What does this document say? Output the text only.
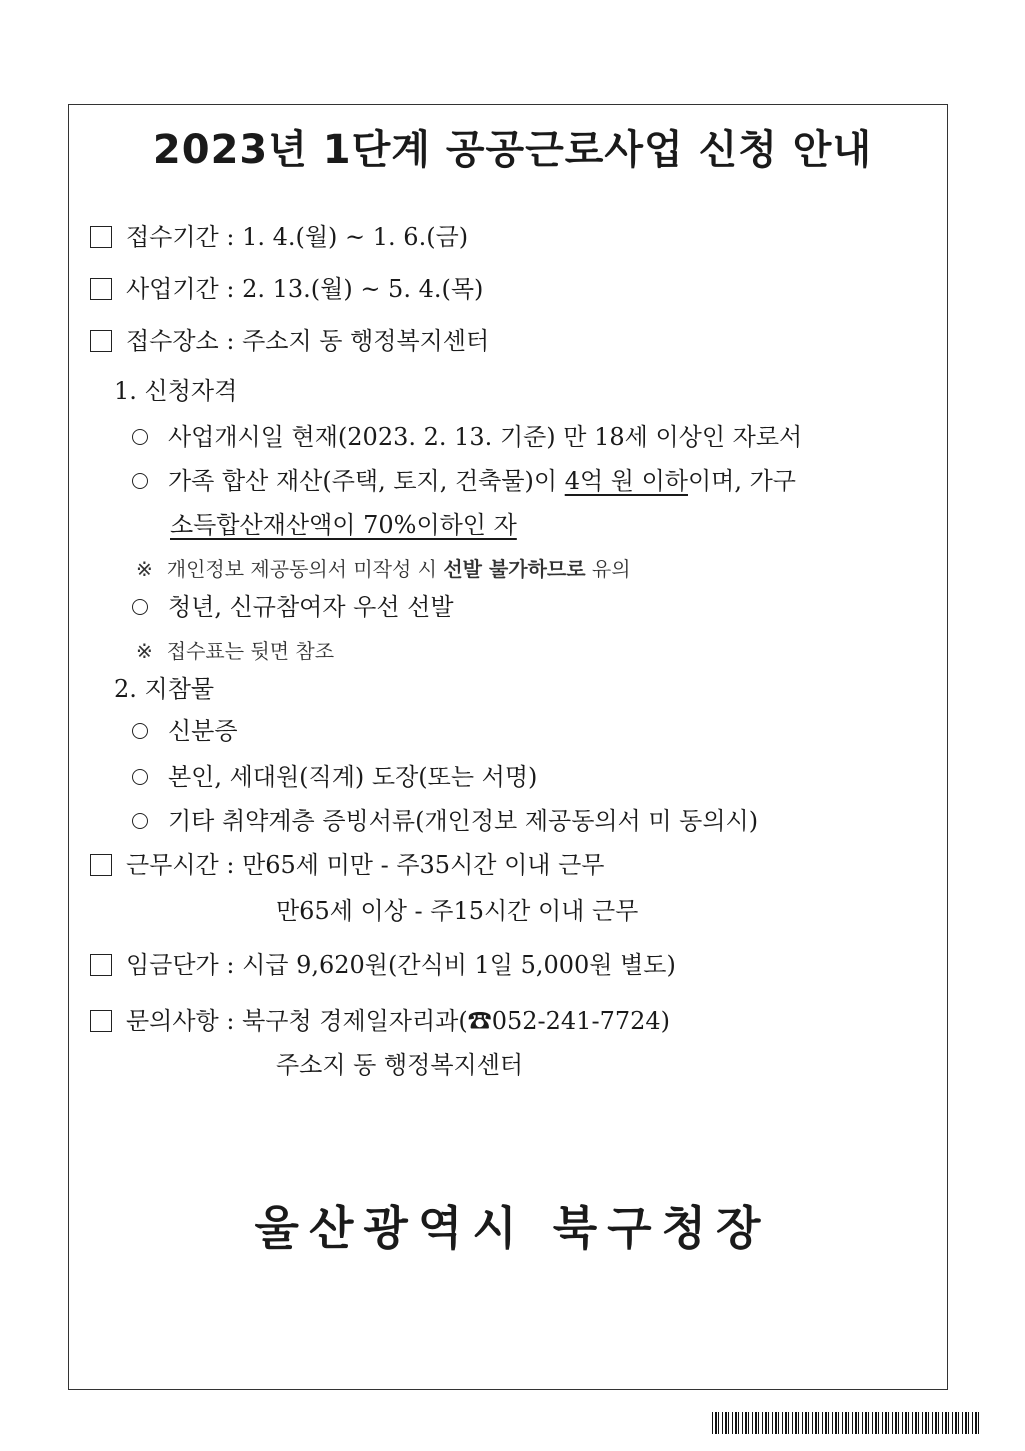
2023년 1단계 공공근로사업 신청 안내
접수기간 : 1. 4.(월) ~ 1. 6.(금)
사업기간 : 2. 13.(월) ~ 5. 4.(목)
접수장소 : 주소지 동 행정복지센터
1. 신청자격
사업개시일 현재(2023. 2. 13. 기준) 만 18세 이상인 자로서
가족 합산 재산(주택, 토지, 건축물)이 4억 원 이하이며, 가구
소득합산재산액이 70%이하인 자
※ 개인정보 제공동의서 미작성 시 선발 불가하므로 유의
청년, 신규참여자 우선 선발
※ 접수표는 뒷면 참조
2. 지참물
신분증
본인, 세대원(직계) 도장(또는 서명)
기타 취약계층 증빙서류(개인정보 제공동의서 미 동의시)
근무시간 : 만65세 미만 - 주35시간 이내 근무
만65세 이상 - 주15시간 이내 근무
임금단가 : 시급 9,620원(간식비 1일 5,000원 별도)
문의사항 : 북구청 경제일자리과(☎052-241-7724)
주소지 동 행정복지센터
울산광역시 북구청장
